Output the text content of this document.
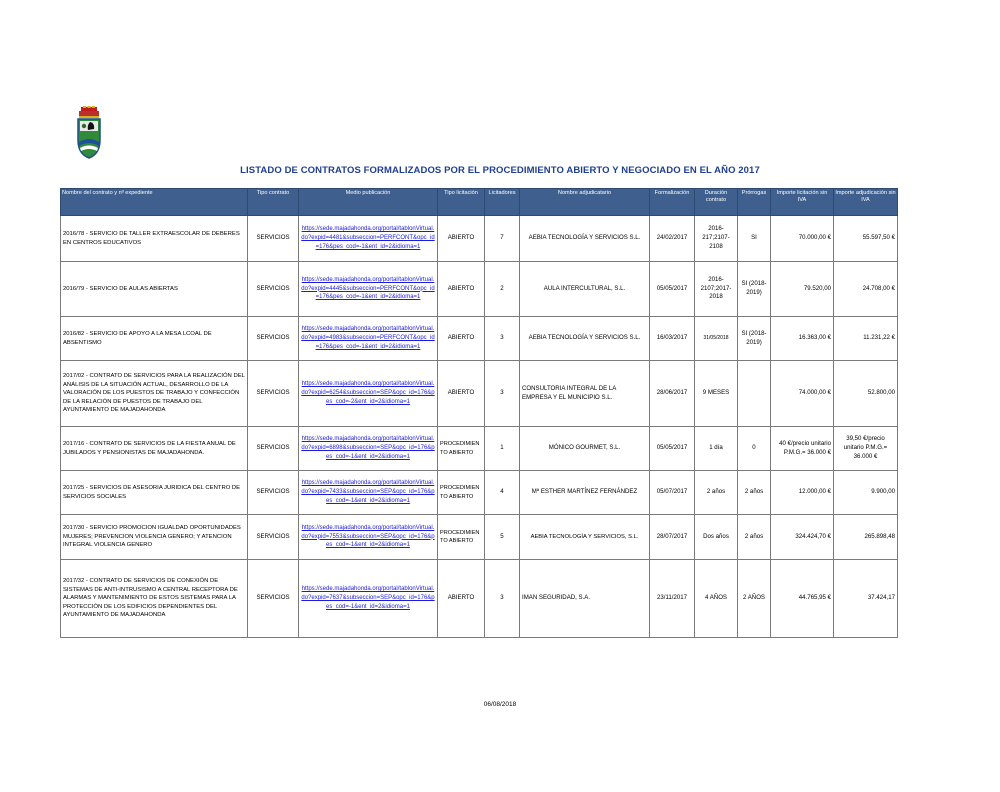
LISTADO DE CONTRATOS FORMALIZADOS POR EL PROCEDIMIENTO ABIERTO Y NEGOCIADO EN EL AÑO 2017
Nombre del contrato y nº expediente	Tipo contrato	Medio publicación	Tipo licitación	Licitadores	Nombre adjudicatario	Formalización	Duración contrato	Prórrogas	Importe licitación sin IVA	Importe adjudicación sin IVA
2016/78 - SERVICIO DE TALLER EXTRAESCOLAR DE DEBERES EN CENTROS EDUCATIVOS	SERVICIOS	https://sede.majadahonda.org/portal/tablonVirtual.do?expid=4481&subseccion=PERFCONT&opc_id=176&pes_cod=-1&ent_id=2&idioma=1	ABIERTO	7	AEBIA TECNOLOGÍA Y SERVICIOS S.L.	24/02/2017	2016-217;2107-2108	SI	70.000,00 €	55.597,50 €
2016/79 - SERVICIO DE AULAS ABIERTAS	SERVICIOS	https://sede.majadahonda.org/portal/tablonVirtual.do?expid=4445&subseccion=PERFCONT&opc_id=176&pes_cod=-1&ent_id=2&idioma=1	ABIERTO	2	AULA INTERCULTURAL, S.L.	05/05/2017	2016-2107;2017-2018	SI (2018-2019)	79.520,00	24.708,00 €
2016/82 - SERVICIO DE APOYO A LA MESA LCOAL DE ABSENTISMO	SERVICIOS	https://sede.majadahonda.org/portal/tablonVirtual.do?expid=4983&subseccion=PERFCONT&opc_id=176&pes_cod=-1&ent_id=2&idioma=1	ABIERTO	3	AEBIA TECNOLOGÍA Y SERVICIOS S.L.	16/03/2017	31/05/2018	SI (2018-2019)	16.363,00 €	11.231,22 €
2017/02 - CONTRATO DE SERVICIOS PARA LA REALIZACIÓN DEL ANÁLISIS DE LA SITUACIÓN ACTUAL, DESARROLLO DE LA VALORACIÓN DE LOS PUESTOS DE TRABAJO Y CONFECCIÓN DE LA RELACIÓN DE PUESTOS DE TRABAJO DEL AYUNTAMIENTO DE MAJADAHONDA	SERVICIOS	https://sede.majadahonda.org/portal/tablonVirtual.do?expid=6254&subseccion=SEP&opc_id=176&pes_cod=-2&ent_id=2&idioma=1	ABIERTO	3	CONSULTORIA INTEGRAL DE LA EMPRESA Y EL MUNICIPIO S.L.	28/06/2017	9 MESES		74.000,00 €	52.800,00
2017/16 - CONTRATO DE SERVICIOS DE LA FIESTA ANUAL DE JUBILADOS Y PENSIONISTAS DE MAJADAHONDA.	SERVICIOS	https://sede.majadahonda.org/portal/tablonVirtual.do?expid=6898&subseccion=SEP&opc_id=176&pes_cod=-1&ent_id=2&idioma=1	PROCEDIMIENTO ABIERTO	1	MÓNICO GOURMET, S.L.	05/05/2017	1 día	0	40 €/precio unitario P.M.G.= 36.000 €	39,50 €/precio unitario P.M.G.= 36.000 €
2017/25 - SERVICIOS DE ASESORIA JURIDICA DEL CENTRO DE SERVICIOS SOCIALES	SERVICIOS	https://sede.majadahonda.org/portal/tablonVirtual.do?expid=7433&subseccion=SEP&opc_id=176&pes_cod=-1&ent_id=2&idioma=1	PROCEDIMIENTO ABIERTO	4	Mª ESTHER MARTÍNEZ FERNÁNDEZ	05/07/2017	2 años	2 años	12.000,00 €	9.900,00
2017/30 - SERVICIO PROMOCION IGUALDAD OPORTUNIDADES MUJERES; PREVENCION VIOLENCIA GENERO; Y ATENCION INTEGRAL VIOLENCIA GENERO	SERVICIOS	https://sede.majadahonda.org/portal/tablonVirtual.do?expid=7553&subseccion=SEP&opc_id=176&pes_cod=-1&ent_id=2&idioma=1	PROCEDIMIENTO ABIERTO	5	AEBIA TECNOLOGÍA Y SERVICIOS, S.L.	28/07/2017	Dos años	2 años	324.424,70 €	265.898,48
2017/32 - CONTRATO DE SERVICIOS DE CONEXIÓN DE SISTEMAS DE ANTI-INTRUSISMO A CENTRAL RECEPTORA DE ALARMAS Y MANTENIMIENTO DE ESTOS SISTEMAS PARA LA PROTECCIÓN DE LOS EDIFICIOS DEPENDIENTES DEL AYUNTAMIENTO DE MAJADAHONDA	SERVICIOS	https://sede.majadahonda.org/portal/tablonVirtual.do?expid=7637&subseccion=SEP&opc_id=176&pes_cod=-1&ent_id=2&idioma=1	ABIERTO	3	IMAN SEGURIDAD, S.A.	23/11/2017	4 AÑOS	2 AÑOS	44.765,95 €	37.424,17
06/08/2018
